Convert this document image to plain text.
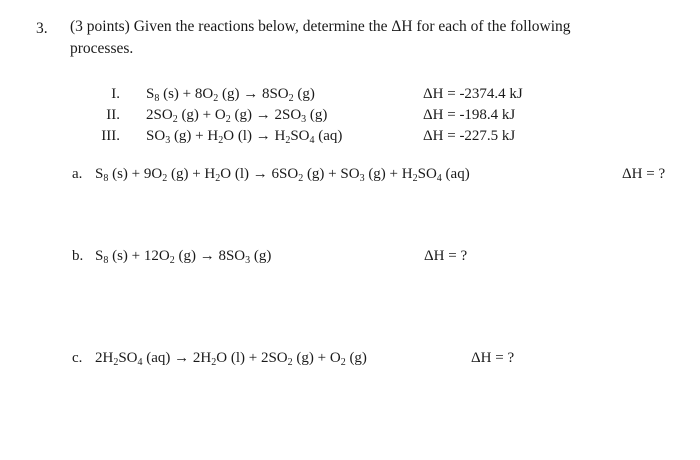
3. (3 points) Given the reactions below, determine the ΔH for each of the following
processes.
I. $S_8$ $(s) + 8O_2$ $(g) \to 8SO_2$ (g)	ΔH = -2374.4 kJ
II. $2SO_2$ $(g) + O_2$ $(g) \to 2SO_3$ (g)	ΔH = -198.4 kJ
III. $SO_3$ $(g) + H_2O$ $(l) \to H_2SO_4$ (aq)	ΔH = -227.5 kJ
a. $S_8$ $(s) + 9O_2$ $(g) + H_2O$ $(l) \to 6SO_2$ $(g) + SO_3$ $(g) + H_2SO_4$ (aq)	ΔH = ?
b. $S_8$ $(s) + 12O_2$ $(g) \to 8SO_3$ (g)	ΔH = ?
c. $2H_2SO_4$ $(aq) \to 2H_2O$ $(l) + 2SO_2$ $(g) + O_2$ (g)	ΔH = ?
